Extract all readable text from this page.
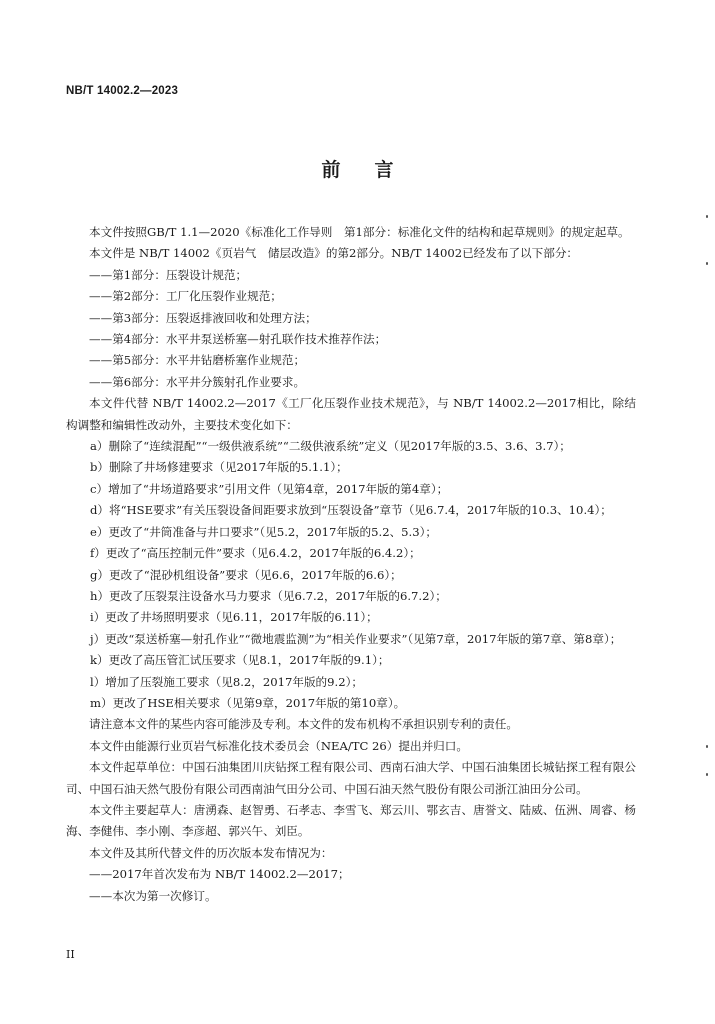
NB/T 14002.2—2023
前言

本文件按照GB/T 1.1—2020《标准化工作导则　第1部分：标准化文件的结构和起草规则》的规定起草。

本文件是 NB/T 14002《页岩气　储层改造》的第2部分。NB/T 14002已经发布了以下部分：

——第1部分：压裂设计规范；

——第2部分：工厂化压裂作业规范；

——第3部分：压裂返排液回收和处理方法；

——第4部分：水平井泵送桥塞—射孔联作技术推荐作法；

——第5部分：水平井钻磨桥塞作业规范；

——第6部分：水平井分簇射孔作业要求。

本文件代替 NB/T 14002.2—2017《工厂化压裂作业技术规范》，与 NB/T 14002.2—2017相比，除结构调整和编辑性改动外，主要技术变化如下：

a）删除了“连续混配”“一级供液系统”“二级供液系统”定义（见2017年版的3.5、3.6、3.7）；

b）删除了井场修建要求（见2017年版的5.1.1）；

c）增加了“井场道路要求”引用文件（见第4章，2017年版的第4章）；

d）将“HSE要求”有关压裂设备间距要求放到“压裂设备”章节（见6.7.4，2017年版的10.3、10.4）；

e）更改了“井筒准备与井口要求”（见5.2，2017年版的5.2、5.3）；

f）更改了“高压控制元件”要求（见6.4.2，2017年版的6.4.2）；

g）更改了“混砂机组设备”要求（见6.6，2017年版的6.6）；

h）更改了压裂泵注设备水马力要求（见6.7.2，2017年版的6.7.2）；

i）更改了井场照明要求（见6.11，2017年版的6.11）；

j）更改“泵送桥塞—射孔作业”“微地震监测”为“相关作业要求”（见第7章，2017年版的第7章、第8章）；

k）更改了高压管汇试压要求（见8.1，2017年版的9.1）；

l）增加了压裂施工要求（见8.2，2017年版的9.2）；

m）更改了HSE相关要求（见第9章，2017年版的第10章）。

请注意本文件的某些内容可能涉及专利。本文件的发布机构不承担识别专利的责任。

本文件由能源行业页岩气标准化技术委员会（NEA/TC 26）提出并归口。

本文件起草单位：中国石油集团川庆钻探工程有限公司、西南石油大学、中国石油集团长城钻探工程有限公司、中国石油天然气股份有限公司西南油气田分公司、中国石油天然气股份有限公司浙江油田分公司。

本文件主要起草人：唐湧森、赵智勇、石孝志、李雪飞、郑云川、鄂玄吉、唐誉文、陆威、伍洲、周睿、杨海、李健伟、李小刚、李彦超、郭兴午、刘臣。

本文件及其所代替文件的历次版本发布情况为：

——2017年首次发布为 NB/T 14002.2—2017；

——本次为第一次修订。

II
